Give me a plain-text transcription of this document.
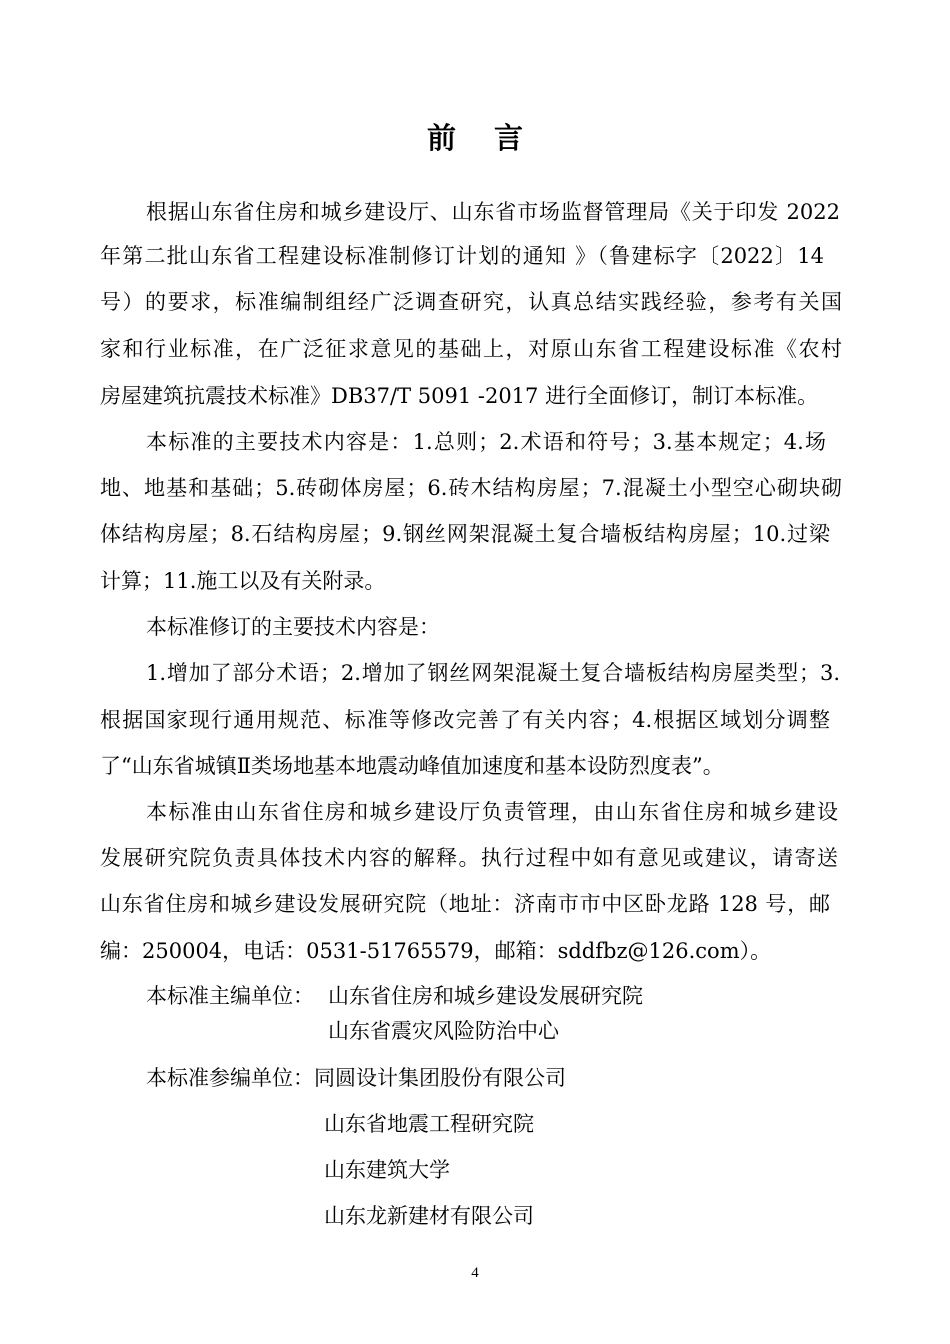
前 言
根据山东省住房和城乡建设厅、山东省市场监督管理局《关于印发 2022
年第二批山东省工程建设标准制修订计划的通知 》（鲁建标字〔2022〕14
号）的要求，标准编制组经广泛调查研究，认真总结实践经验，参考有关国
家和行业标准，在广泛征求意见的基础上，对原山东省工程建设标准《农村
房屋建筑抗震技术标准》DB37/T 5091 -2017 进行全面修订，制订本标准。
本标准的主要技术内容是：1.总则；2.术语和符号；3.基本规定；4.场
地、地基和基础；5.砖砌体房屋；6.砖木结构房屋；7.混凝土小型空心砌块砌
体结构房屋；8.石结构房屋；9.钢丝网架混凝土复合墙板结构房屋；10.过梁
计算；11.施工以及有关附录。
本标准修订的主要技术内容是：
1.增加了部分术语；2.增加了钢丝网架混凝土复合墙板结构房屋类型；3.
根据国家现行通用规范、标准等修改完善了有关内容；4.根据区域划分调整
了“山东省城镇Ⅱ类场地基本地震动峰值加速度和基本设防烈度表”。
本标准由山东省住房和城乡建设厅负责管理，由山东省住房和城乡建设
发展研究院负责具体技术内容的解释。执行过程中如有意见或建议，请寄送
山东省住房和城乡建设发展研究院（地址：济南市市中区卧龙路 128 号，邮
编：250004，电话：0531-51765579，邮箱：sddfbz@126.com）。
本标准主编单位： 山东省住房和城乡建设发展研究院
山东省震灾风险防治中心
本标准参编单位： 同圆设计集团股份有限公司
山东省地震工程研究院
山东建筑大学
山东龙新建材有限公司
4
